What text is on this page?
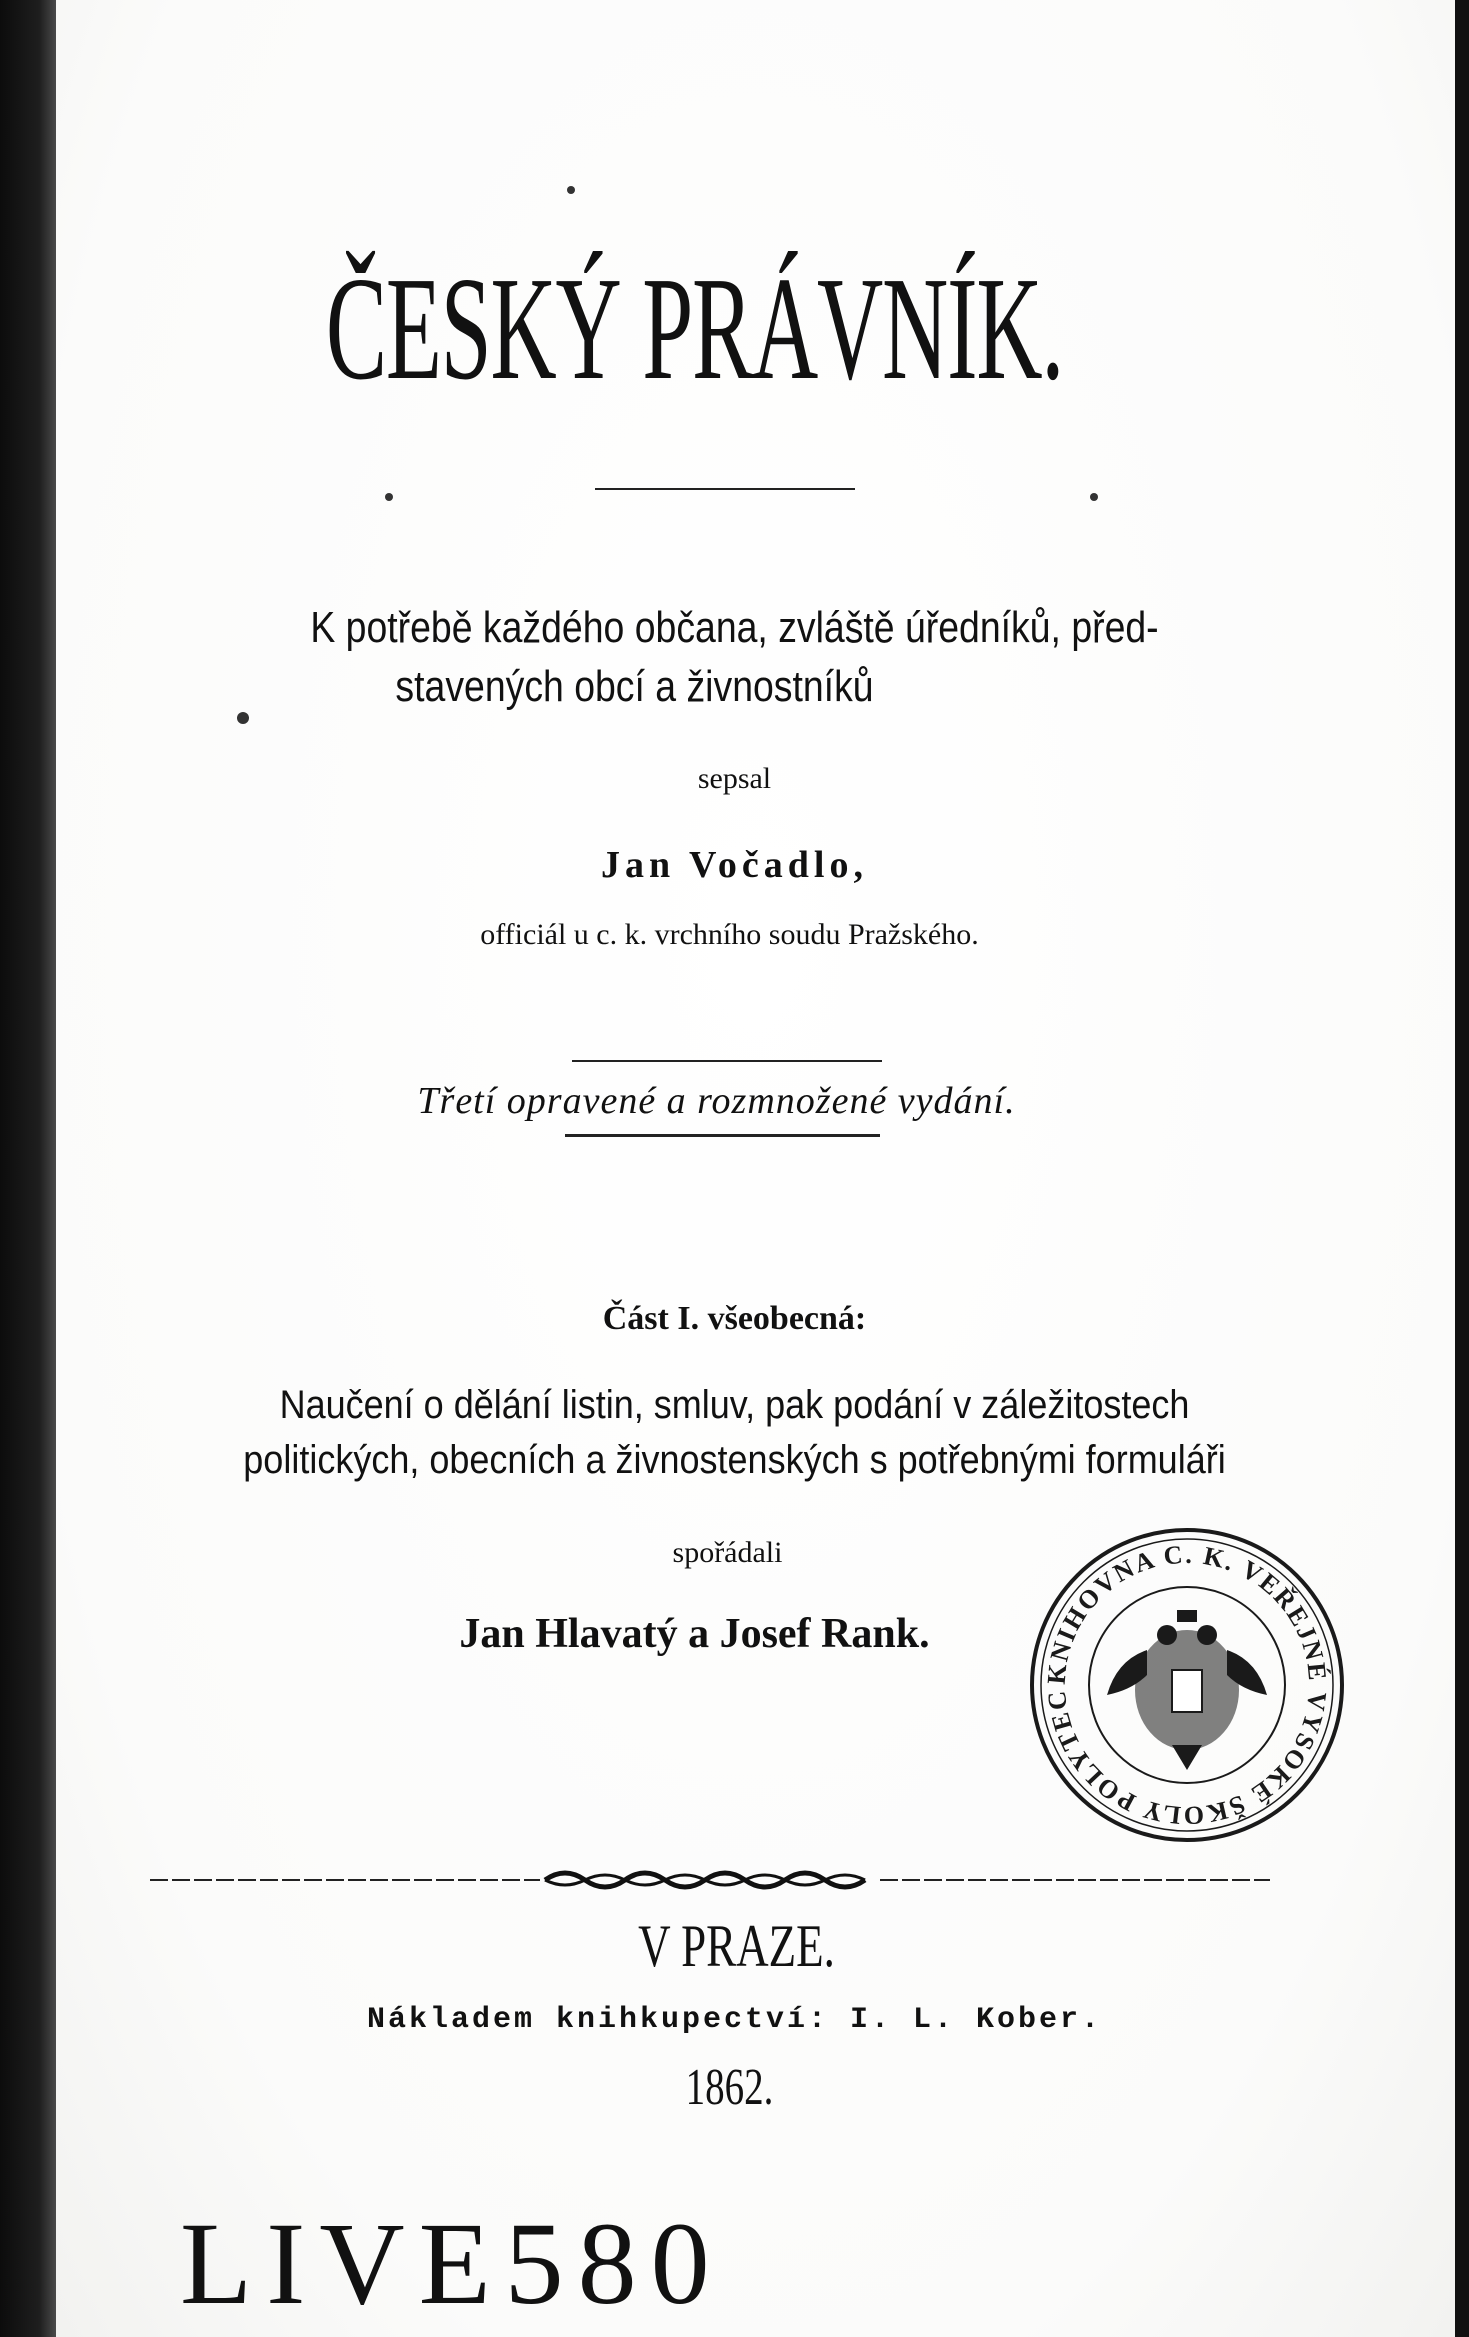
ČESKÝ PRÁVNÍK.
K potřebě každého občana, zvláště úředníků, před-
stavených obcí a živnostníků
sepsal
Jan Vočadlo,
officiál u c. k. vrchního soudu Pražského.
Třetí opravené a rozmnožené vydání.
Část I. všeobecná:
Naučení o dělání listin, smluv, pak podání v záležitostech
politických, obecních a živnostenských s potřebnými formuláři
spořádali
Jan Hlavatý a Josef Rank.
KNIHOVNA C. K. VEŘEJNÉ VYSOKÉ ŠKOLY POLYTEC
V PRAZE.
Nákladem knihkupectví: I. L. Kober.
1862.
LIVE580
